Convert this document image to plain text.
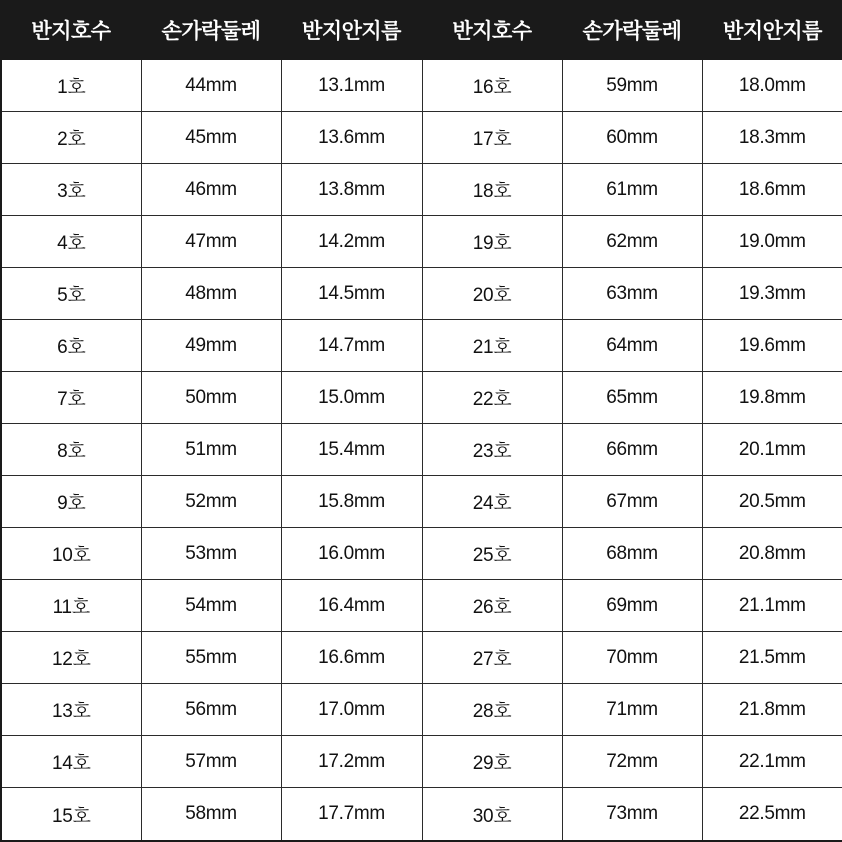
반지호수	손가락둘레	반지안지름	반지호수	손가락둘레	반지안지름
1호	44mm	13.1mm	16호	59mm	18.0mm
2호	45mm	13.6mm	17호	60mm	18.3mm
3호	46mm	13.8mm	18호	61mm	18.6mm
4호	47mm	14.2mm	19호	62mm	19.0mm
5호	48mm	14.5mm	20호	63mm	19.3mm
6호	49mm	14.7mm	21호	64mm	19.6mm
7호	50mm	15.0mm	22호	65mm	19.8mm
8호	51mm	15.4mm	23호	66mm	20.1mm
9호	52mm	15.8mm	24호	67mm	20.5mm
10호	53mm	16.0mm	25호	68mm	20.8mm
11호	54mm	16.4mm	26호	69mm	21.1mm
12호	55mm	16.6mm	27호	70mm	21.5mm
13호	56mm	17.0mm	28호	71mm	21.8mm
14호	57mm	17.2mm	29호	72mm	22.1mm
15호	58mm	17.7mm	30호	73mm	22.5mm
